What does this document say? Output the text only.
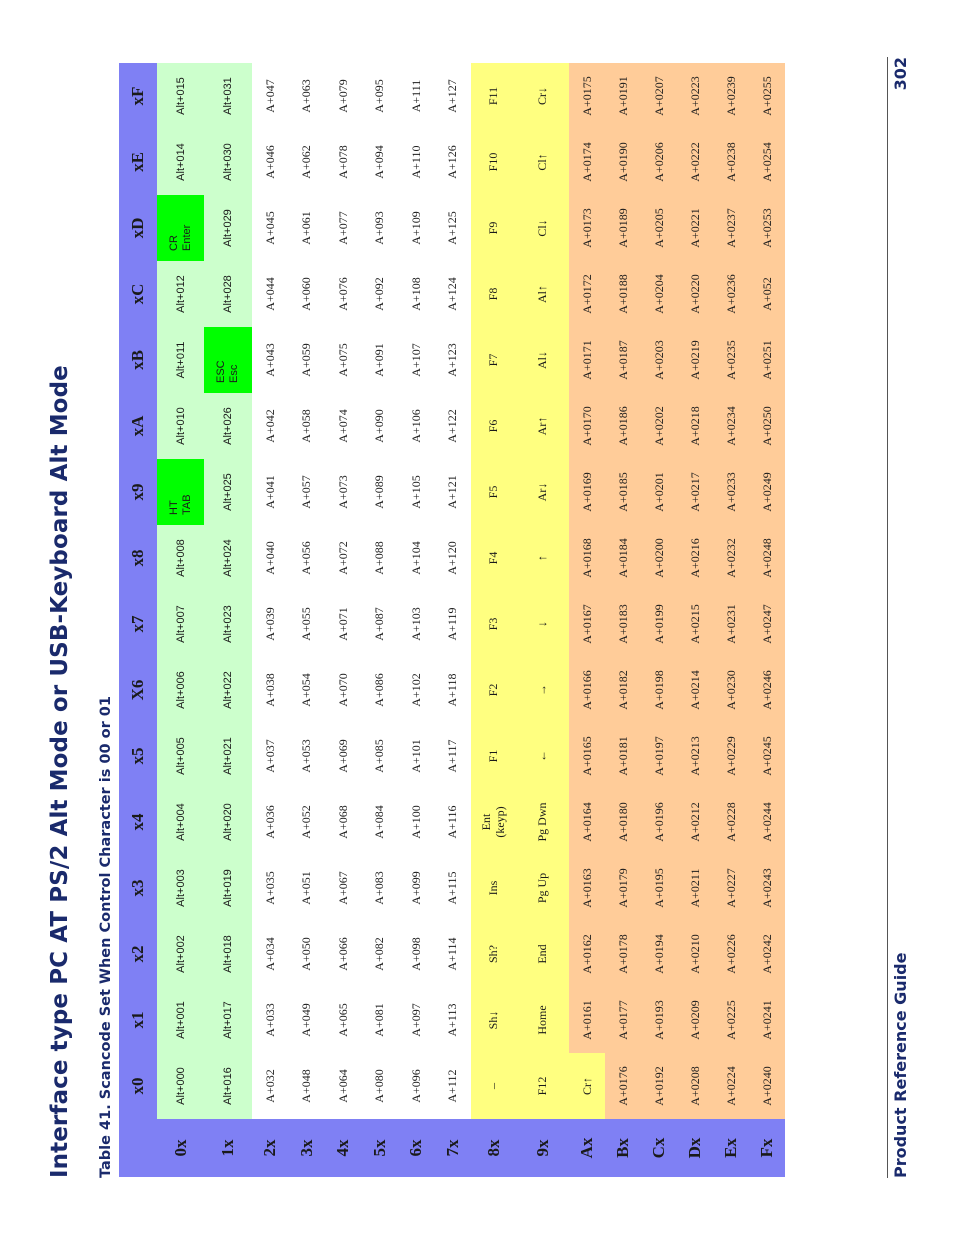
Interface type PC AT PS/2 Alt Mode or USB-Keyboard Alt Mode Table 41. Scancode Set When Control Character is 00 or 01 x0
x1
x2
x3
x4
x5
X6
x7
x8
x9
xA
xB
xC
xD
xE
xF
0x
Alt+000
Alt+001
Alt+002
Alt+003
Alt+004
Alt+005
Alt+006
Alt+007
Alt+008
HT TAB
Alt+010
Alt+011
Alt+012
CR Enter
Alt+014
Alt+015
1x
Alt+016
Alt+017
Alt+018
Alt+019
Alt+020
Alt+021
Alt+022
Alt+023
Alt+024
Alt+025
Alt+026
ESC Esc
Alt+028
Alt+029
Alt+030
Alt+031
2x
A+032
A+033
A+034
A+035
A+036
A+037
A+038
A+039
A+040
A+041
A+042
A+043
A+044
A+045
A+046
A+047
3x
A+048
A+049
A+050
A+051
A+052
A+053
A+054
A+055
A+056
A+057
A+058
A+059
A+060
A+061
A+062
A+063
4x
A+064
A+065
A+066
A+067
A+068
A+069
A+070
A+071
A+072
A+073
A+074
A+075
A+076
A+077
A+078
A+079
5x
A+080
A+081
A+082
A+083
A+084
A+085
A+086
A+087
A+088
A+089
A+090
A+091
A+092
A+093
A+094
A+095
6x
A+096
A+097
A+098
A+099
A+100
A+101
A+102
A+103
A+104
A+105
A+106
A+107
A+108
A+109
A+110
A+111
7x
A+112
A+113
A+114
A+115
A+116
A+117
A+118
A+119
A+120
A+121
A+122
A+123
A+124
A+125
A+126
A+127
8x
–
Sh↓
Sh?
Ins
Ent (keyp)
F1
F2
F3
F4
F5
F6
F7
F8
F9
F10
F11
9x
F12
Home
End
Pg Up
Pg Dwn
←
→
↓
↑
Ar↓
Ar↑
Al↓
Al↑
Cl↓
Cl↑
Cr↓
Ax
Cr↑
A+0161
A+0162
A+0163
A+0164
A+0165
A+0166
A+0167
A+0168
A+0169
A+0170
A+0171
A+0172
A+0173
A+0174
A+0175
Bx
A+0176
A+0177
A+0178
A+0179
A+0180
A+0181
A+0182
A+0183
A+0184
A+0185
A+0186
A+0187
A+0188
A+0189
A+0190
A+0191
Cx
A+0192
A+0193
A+0194
A+0195
A+0196
A+0197
A+0198
A+0199
A+0200
A+0201
A+0202
A+0203
A+0204
A+0205
A+0206
A+0207
Dx
A+0208
A+0209
A+0210
A+0211
A+0212
A+0213
A+0214
A+0215
A+0216
A+0217
A+0218
A+0219
A+0220
A+0221
A+0222
A+0223
Ex
A+0224
A+0225
A+0226
A+0227
A+0228
A+0229
A+0230
A+0231
A+0232
A+0233
A+0234
A+0235
A+0236
A+0237
A+0238
A+0239
Fx
A+0240
A+0241
A+0242
A+0243
A+0244
A+0245
A+0246
A+0247
A+0248
A+0249
A+0250
A+0251
A+052
A+0253
A+0254
A+0255
Product Reference Guide
302
